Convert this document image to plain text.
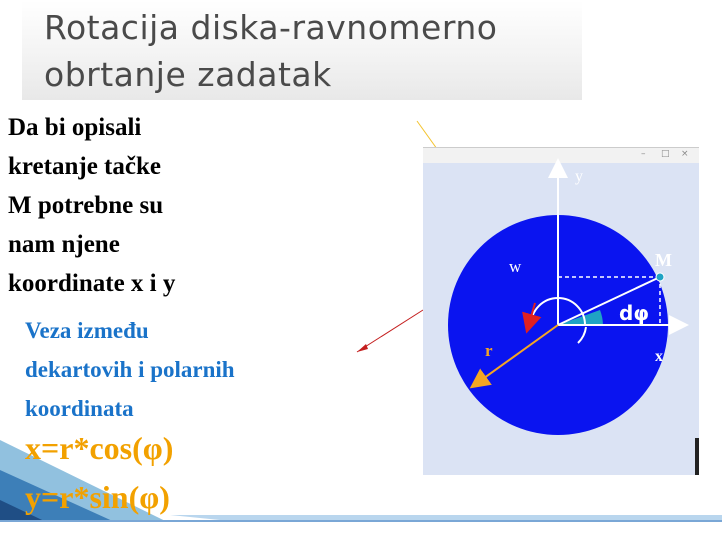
Rotacija diska-ravnomerno
obrtanje zadatak
Da bi opisali
kretanje tačke
M potrebne su
nam njene
koordinate x i y
Veza između
dekartovih i polarnih
koordinata
x=r*cos(φ)
y=r*sin(φ)
– □ ×
y
x
w	M
r
dφ
